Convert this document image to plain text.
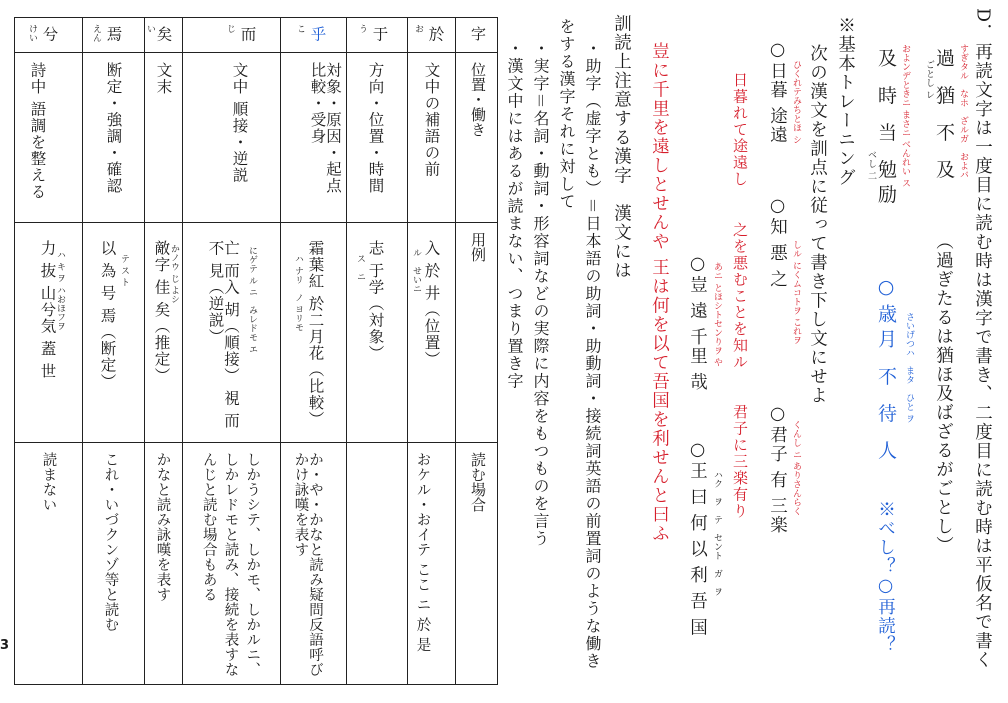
D．再読文字は一度目に読む時は漢字で書き、二度目に読む時は平仮名で書く
すぎタル　なホ　ざルガ　およバ
過 猶 不 及
ごとし レ
（過ぎたるは猶ほ及ばざるがごとし）
およンデときニ まさニ べんれい ス
及 時 当 勉励
ベし 二
さいげつハ　まタ　ひと ヲ
○歳月 不 待 人
※べし？○再読？
※基本トレーニング
次の漢文を訓点に従って書き下し文にせよ
ひくれテみちとほ シ
○日暮 途遠
しル にくムコトヲ これヲ
○知 悪 之
くんし ニ ありさんらく
○君子 有 三楽
日暮れて途遠し
之を悪むことを知ル
君子に三楽有り
あニ とほシトセンりヲ や
○豈 遠 千里 哉
ハク　ヲ　テ　セント　ガ　ヲ
○王 曰 何 以 利 吾 国
豈に千里を遠しとせんや
王は何を以て吾国を利せんと曰ふ
訓読上注意する漢字　漢文には
・助字（虚字とも）＝日本語の助詞・助動詞・接続詞英語の前置詞のような働き
をする漢字それに対して
・実字＝名詞・動詞・形容詞などの実際に内容をもつものを言う
・漢文中にはあるが読まない、つまり置き字
3
字
位置・働き
用例
読む場合
於
お
文中の補語の前
ル　せいニ 入 於 井（位置）
おケル・おイテ ここ ニ 於 是
于
う
方向・位置・時間
ス　ニ 志 于学（対象）
乎
こ
対象・原因・起点 比較・受身
ハ ナリ　ノ ヨリモ 霜葉紅 於二月花（比較）
か・や・かなと読み疑問反語呼びかけ詠嘆を表す
而
じ
文中 順接・逆説
にゲテ ル ニ　みレドモ エ
亡 而入 胡（順接） 視 而 不 見（逆説）
しかうシテ、しかモ、しかルニ、しかレドモと読み、接続を表すなんじと読む場合もある
矣
い
文末
かノウ じ よシ
敵字 佳 矣（推定）
かなと読み詠嘆を表す
焉
えん
断定・強調・確認
テ ス ト
以 為 号 焉（断定）
これ・いづクンゾ等と読む
兮
けい
詩中 語調を整える
ハ キ ヲ ハおほフヲ
力 抜 山兮気 蓋 世
読まない
